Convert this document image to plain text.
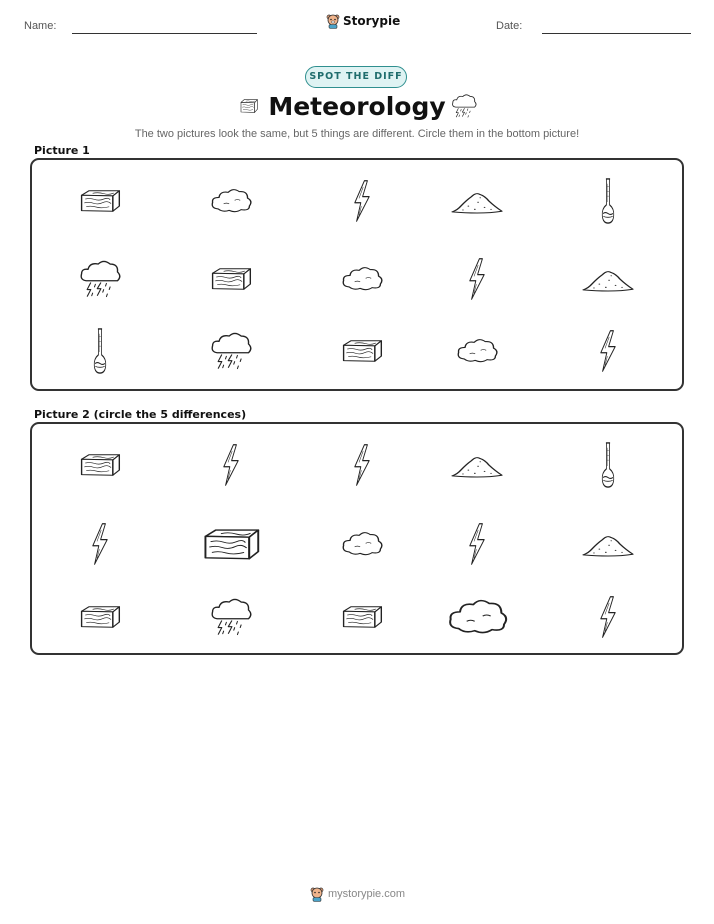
Name:	Storypie	Date:
SPOT THE DIFF
Meteorology
The two pictures look the same, but 5 things are different. Circle them in the bottom picture!
Picture 1
Picture 2 (circle the 5 differences)
mystorypie.com
